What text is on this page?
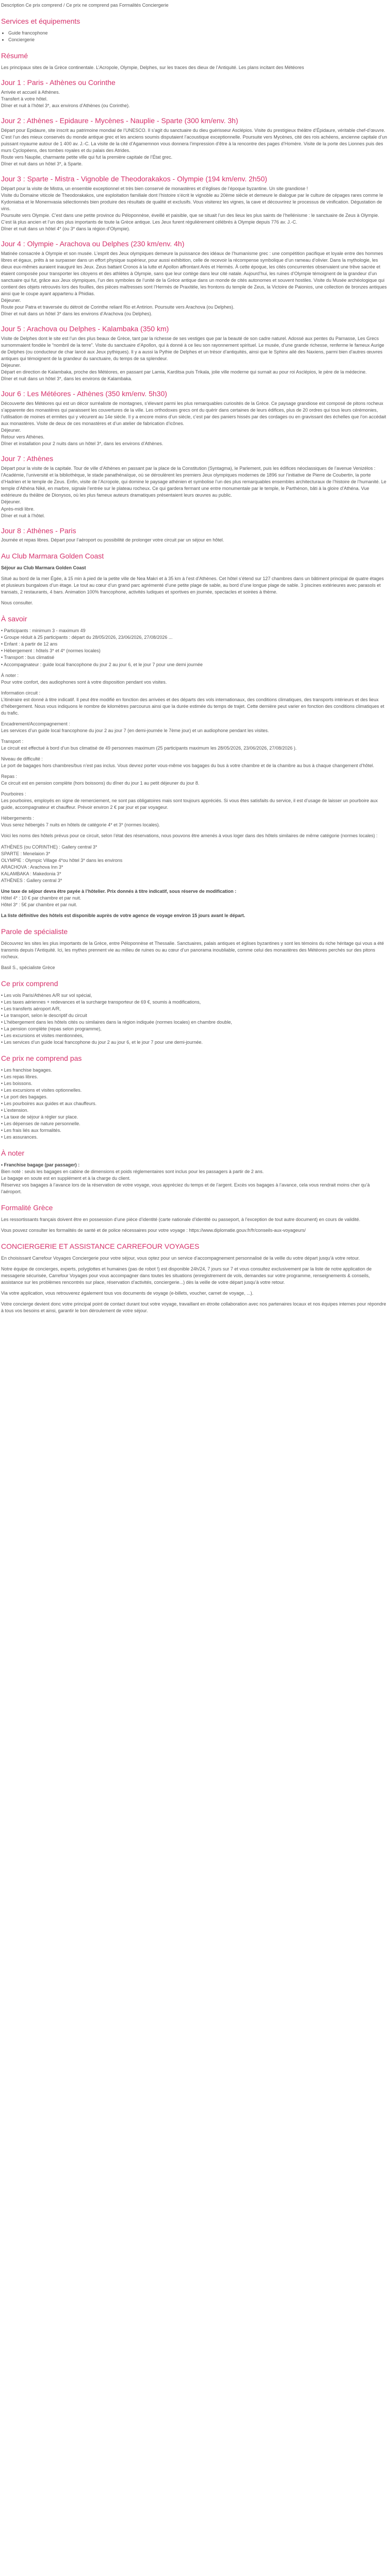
Description Ce prix comprend / Ce prix ne comprend pas Formalités Conciergerie

Services et équipements
• Guide francophone
• Conciergerie
Résumé

Les principaux sites de la Grèce continentale. L’Acropole, Olympie, Delphes, sur les traces des dieux de l’Antiquité. Les plans incitant des Météores

Jour 1 : Paris - Athènes ou Corinthe

Arrivée et accueil à Athènes.

Transfert à votre hôtel.

Dîner et nuit à l’hôtel 3*, aux environs d’Athènes (ou Corinthe).

Jour 2 : Athènes - Epidaure - Mycènes - Nauplie - Sparte (300 km/env. 3h)

Départ pour Epidaure, site inscrit au patrimoine mondial de l’UNESCO. Il s’agit du sanctuaire du dieu guérisseur Asclépios. Visite du prestigieux théâtre d’Épidaure, véritable chef-d’œuvre. C’est l’un des mieux conservés du monde antique grec et les anciens soumis disputaient l’acoustique exceptionnelle. Poursuite vers Mycènes, cité des rois achéens, ancienne capitale d’un puissant royaume autour de 1 400 av. J.-C. La visite de la cité d’Agamemnon vous donnera l’impression d’être à la rencontre des pages d’Homère. Visite de la porte des Lionnes puis des murs Cyclopéens, des tombes royales et du palais des Atrides.

Route vers Nauplie, charmante petite ville qui fut la première capitale de l’État grec.

Dîner et nuit dans un hôtel 3*, à Sparte.

Jour 3 : Sparte - Mistra - Vignoble de Theodorakakos - Olympie (194 km/env. 2h50)

Départ pour la visite de Mistra, un ensemble exceptionnel et très bien conservé de monastères et d’églises de l’époque byzantine. Un site grandiose !

Visite du Domaine viticole de Theodorakakos, une exploitation familiale dont l’histoire s’écrit le vignoble au 20ème siècle et demeure le dialogue par le culture de cépages rares comme le Kydoniatsa et le Monemvasia sélectionnés bien produire des résultats de qualité et exclusifs. Vous visiterez les vignes, la cave et découvrirez le processus de vinification. Dégustation de vins.

Poursuite vers Olympie. C’est dans une petite province du Péloponnèse, éveillé et paisible, que se situait l’un des lieux les plus saints de l’hellénisme : le sanctuaire de Zeus à Olympie. C’est là plus ancien et l’un des plus importants de toute la Grèce antique. Les Jeux furent régulièrement célébrés à Olympie depuis 776 av. J.-C.

Dîner et nuit dans un hôtel 4* (ou 3* dans la région d’Olympie).

Jour 4 : Olympie - Arachova ou Delphes (230 km/env. 4h)

Matinée consacrée à Olympie et son musée. L’esprit des Jeux olympiques demeure la puissance des idéaux de l’humanisme grec : une compétition pacifique et loyale entre des hommes libres et égaux, prêts à se surpasser dans un effort physique supérieur, pour aussi exhibition, celle de recevoir la récompense symbolique d’un rameau d’olivier. Dans la mythologie, les dieux eux-mêmes auraient inauguré les Jeux. Zeus battant Cronos à la lutte et Apollon affrontant Arès et Hermès. À cette époque, les cités concurrentes observaient une trêve sacrée et étaient composée pour transporter les citoyens et des athlètes à Olympie, sans que leur cortège dans leur cité natale. Aujourd’hui, les ruines d’Olympie témoignent de la grandeur d’un sanctuaire qui fut, grâce aux Jeux olympiques, l’un des symboles de l’unité de la Grèce antique dans un monde de cités autonomes et souvent hostiles. Visite du Musée archéologique qui contient des objets retrouvés lors des fouilles, des pièces maîtresses sont l’Hermès de Praxitèle, les frontons du temple de Zeus, la Victoire de Paionios, une collection de bronzes antiques ainsi que le coupe ayant appartenu à Phidias.

Déjeuner.

Route pour Patra et traversée du détroit de Corinthe reliant Rio et Antirion. Poursuite vers Arachova (ou Delphes).

Dîner et nuit dans un hôtel 3* dans les environs d’Arachova (ou Delphes).

Jour 5 : Arachova ou Delphes - Kalambaka (350 km)

Visite de Delphes dont le site est l’un des plus beaux de Grèce, tant par la richesse de ses vestiges que par la beauté de son cadre naturel. Adossé aux pentes du Parnasse, Les Grecs surnommaient fondée le “nombril de la terre”. Visite du sanctuaire d’Apollon, qui à donné à ce lieu son rayonnement spirituel. Le musée, d’une grande richesse, renferme le fameux Aurige de Delphes (ou conducteur de char lancé aux Jeux pythiques). Il y a aussi la Pythie de Delphes et un trésor d’antiquités, ainsi que le Sphinx ailé des Naxiens, parmi bien d’autres œuvres antiques qui témoignent de la grandeur du sanctuaire, du temps de sa splendeur.

Déjeuner.

Départ en direction de Kalambaka, proche des Météores, en passant par Lamia, Karditsa puis Trikala, jolie ville moderne qui surnait au pour roi Asclépios, le père de la médecine.

Dîner et nuit dans un hôtel 3*, dans les environs de Kalambaka.

Jour 6 : Les Météores - Athènes (350 km/env. 5h30)

Découverte des Météores qui est un décor surréaliste de montagnes, s’élevant parmi les plus remarquables curiosités de la Grèce. Ce paysage grandiose est composé de pitons rocheux s’apparente des monastères qui paraissent les couvertures de la ville. Les orthodoxes grecs ont du quérir dans certaines de leurs édifices, plus de 20 ordres qui tous leurs cérémonies, l’utilisation de moines et ermites qui y vécurent au 14e siècle. Il y a encore moins d’un siècle, c’est par des paniers hissés par des cordages ou en gravissant des échelles que l’on accédait aux monastères. Visite de deux de ces monastères et d’un atelier de fabrication d’icônes.

Déjeuner.

Retour vers Athènes.

Dîner et installation pour 2 nuits dans un hôtel 3*, dans les environs d’Athènes.

Jour 7 : Athènes

Départ pour la visite de la capitale. Tour de ville d’Athènes en passant par la place de la Constitution (Syntagma), le Parlement, puis les édifices néoclassiques de l’avenue Venizélos : l’Académie, l’université et la bibliothèque, le stade panathénaïque, où se déroulèrent les premiers Jeux olympiques modernes de 1896 sur l’initiative de Pierre de Coubertin, la porte d’Hadrien et le temple de Zeus. Enfin, visite de l’Acropole, qui domine le paysage athénien et symbolise l’un des plus remarquables ensembles architecturaux de l’histoire de l’humanité. Le temple d’Athéna Niké, en marbre, signale l’entrée sur le plateau rocheux. Ce qui gardera fermant une entre monumentale par le temple, le Parthénon, bâti à la gloire d’Athéna. Vue extérieure du théâtre de Dionysos, où les plus fameux auteurs dramatiques présentaient leurs œuvres au public.

Déjeuner.

Après-midi libre.

Dîner et nuit à l’hôtel.

Jour 8 : Athènes - Paris

Journée et repas libres. Départ pour l’aéroport ou possibilité de prolonger votre circuit par un séjour en hôtel.

Au Club Marmara Golden Coast

Séjour au Club Marmara Golden Coast

Situé au bord de la mer Égée, à 15 min à pied de la petite ville de Nea Makri et à 35 km à l’est d’Athènes. Cet hôtel s’étend sur 127 chambres dans un bâtiment principal de quatre étages et plusieurs bungalows d’un étage. Le tout au cœur d’un grand parc agrémenté d’une petite plage de sable, au bord d’une longue plage de sable. 3 piscines extérieures avec parasols et transats, 2 restaurants, 4 bars. Animation 100% francophone, activités ludiques et sportives en journée, spectacles et soirées à thème.

Nous consulter.

À savoir

• Participants : minimum 3 - maximum 49

• Groupe réduit à 25 participants : départ du 28/05/2026, 23/06/2026, 27/08/2026 ...

• Enfant : à partir de 12 ans

• Hébergement : hôtels 3* et 4* (normes locales)

• Transport : bus climatisé

• Accompagnateur : guide local francophone du jour 2 au jour 6, et le jour 7 pour une demi journée

À noter :

Pour votre confort, des audiophones sont à votre disposition pendant vos visites.

Information circuit :

L’itinéraire est donné à titre indicatif. Il peut être modifié en fonction des arrivées et des départs des vols internationaux, des conditions climatiques, des transports intérieurs et des lieux d’hébergement. Nous vous indiquons le nombre de kilomètres parcourus ainsi que la durée estimée du temps de trajet. Cette dernière peut varier en fonction des conditions climatiques et du trafic.

Encadrement/Accompagnement :

Les services d’un guide local francophone du jour 2 au jour 7 (en demi-journée le 7ème jour) et un audiophone pendant les visites.

Transport :

Le circuit est effectué à bord d’un bus climatisé de 49 personnes maximum (25 participants maximum les 28/05/2026, 23/06/2026, 27/08/2026 ).

Niveau de difficulté :

Le port de bagages hors chambres/bus n’est pas inclus. Vous devrez porter vous-même vos bagages du bus à votre chambre et de la chambre au bus à chaque changement d’hôtel.

Repas :

Ce circuit est en pension complète (hors boissons) du dîner du jour 1 au petit déjeuner du jour 8.

Pourboires :

Les pourboires, employés en signe de remerciement, ne sont pas obligatoires mais sont toujours appréciés. Si vous êtes satisfaits du service, il est d’usage de laisser un pourboire aux guide, accompagnateur et chauffeur. Prévoir environ 2 € par jour et par voyageur.

Hébergements :

Vous serez hébergés 7 nuits en hôtels de catégorie 4* et 3* (normes locales).

Voici les noms des hôtels prévus pour ce circuit, selon l’état des réservations, nous pouvons être amenés à vous loger dans des hôtels similaires de même catégorie (normes locales) :

ATHÈNES (ou CORINTHE) : Gallery central 3*

SPARTE : Menelaion 3*

OLYMPIE : Olympic Village 4*ou hôtel 3* dans les environs

ARACHOVA : Arachova Inn 3*

KALAMBAKA : Makedonia 3*

ATHÈNES : Gallery central 3*

Une taxe de séjour devra être payée à l’hôtelier. Prix donnés à titre indicatif, sous réserve de modification :

Hôtel 4* : 10 € par chambre et par nuit.

Hôtel 3* : 5€ par chambre et par nuit.

La liste définitive des hôtels est disponible auprès de votre agence de voyage environ 15 jours avant le départ.

Parole de spécialiste

Découvrez les sites les plus importants de la Grèce, entre Péloponnèse et Thessalie. Sanctuaires, palais antiques et églises byzantines y sont les témoins du riche héritage qui vous a été transmis depuis l’Antiquité. Ici, les mythes prennent vie au milieu de ruines ou au cœur d’un panorama inoubliable, comme celui des monastères des Météores perchés sur des pitons rocheux.

Basil S., spécialiste Grèce

Ce prix comprend

• Les vols Paris/Athènes A/R sur vol spécial,

• Les taxes aériennes + redevances et la surcharge transporteur de 69 €, soumis à modifications,

• Les transferts aéroport A/R,

• Le transport, selon le descriptif du circuit

• L’hébergement dans les hôtels cités ou similaires dans la région indiquée (normes locales) en chambre double,

• La pension complète (repas selon programme),

• Les excursions et visites mentionnées,

• Les services d’un guide local francophone du jour 2 au jour 6, et le jour 7 pour une demi-journée.

Ce prix ne comprend pas

• Les franchise bagages.

• Les repas libres.

• Les boissons.

• Les excursions et visites optionnelles.

• Le port des bagages.

• Les pourboires aux guides et aux chauffeurs.

• L’extension.

• La taxe de séjour à régler sur place.

• Les dépenses de nature personnelle.

• Les frais liés aux formalités.

• Les assurances.

À noter

• Franchise bagage (par passager) :

Bien noté : seuls les bagages en cabine de dimensions et poids réglementaires sont inclus pour les passagers à partir de 2 ans.

Le bagage en soute est en supplément et à la charge du client.

Réservez vos bagages à l’avance lors de la réservation de votre voyage, vous appréciez du temps et de l’argent. Excès vos bagages à l’avance, cela vous rendrait moins cher qu’à l’aéroport.

Formalité Grèce

Les ressortissants français doivent être en possession d’une pièce d’identité (carte nationale d’identité ou passeport, à l’exception de tout autre document) en cours de validité.

Vous pouvez consulter les formalités de santé et de police nécessaires pour votre voyage : https://www.diplomatie.gouv.fr/fr/conseils-aux-voyageurs/

CONCIERGERIE ET ASSISTANCE CARREFOUR VOYAGES

En choisissant Carrefour Voyages Conciergerie pour votre séjour, vous optez pour un service d’accompagnement personnalisé de la veille du votre départ jusqu’à votre retour.

Notre équipe de concierges, experts, polyglottes et humaines (pas de robot !) est disponible 24h/24, 7 jours sur 7 et vous consultez exclusivement par la liste de notre application de messagerie sécurisée, Carrefour Voyages pour vous accompagner dans toutes les situations (enregistrement de vols, demandes sur votre programme, renseignements & conseils, assistance sur les problèmes rencontrés sur place, réservation d’activités, conciergerie...) dès la veille de votre départ jusqu’à votre retour.

Via votre application, vous retrouverez également tous vos documents de voyage (e-billets, voucher, carnet de voyage, ...).

Votre concierge devient donc votre principal point de contact durant tout votre voyage, travaillant en étroite collaboration avec nos partenaires locaux et nos équipes internes pour répondre à tous vos besoins et ainsi, garantir le bon déroulement de votre séjour.
